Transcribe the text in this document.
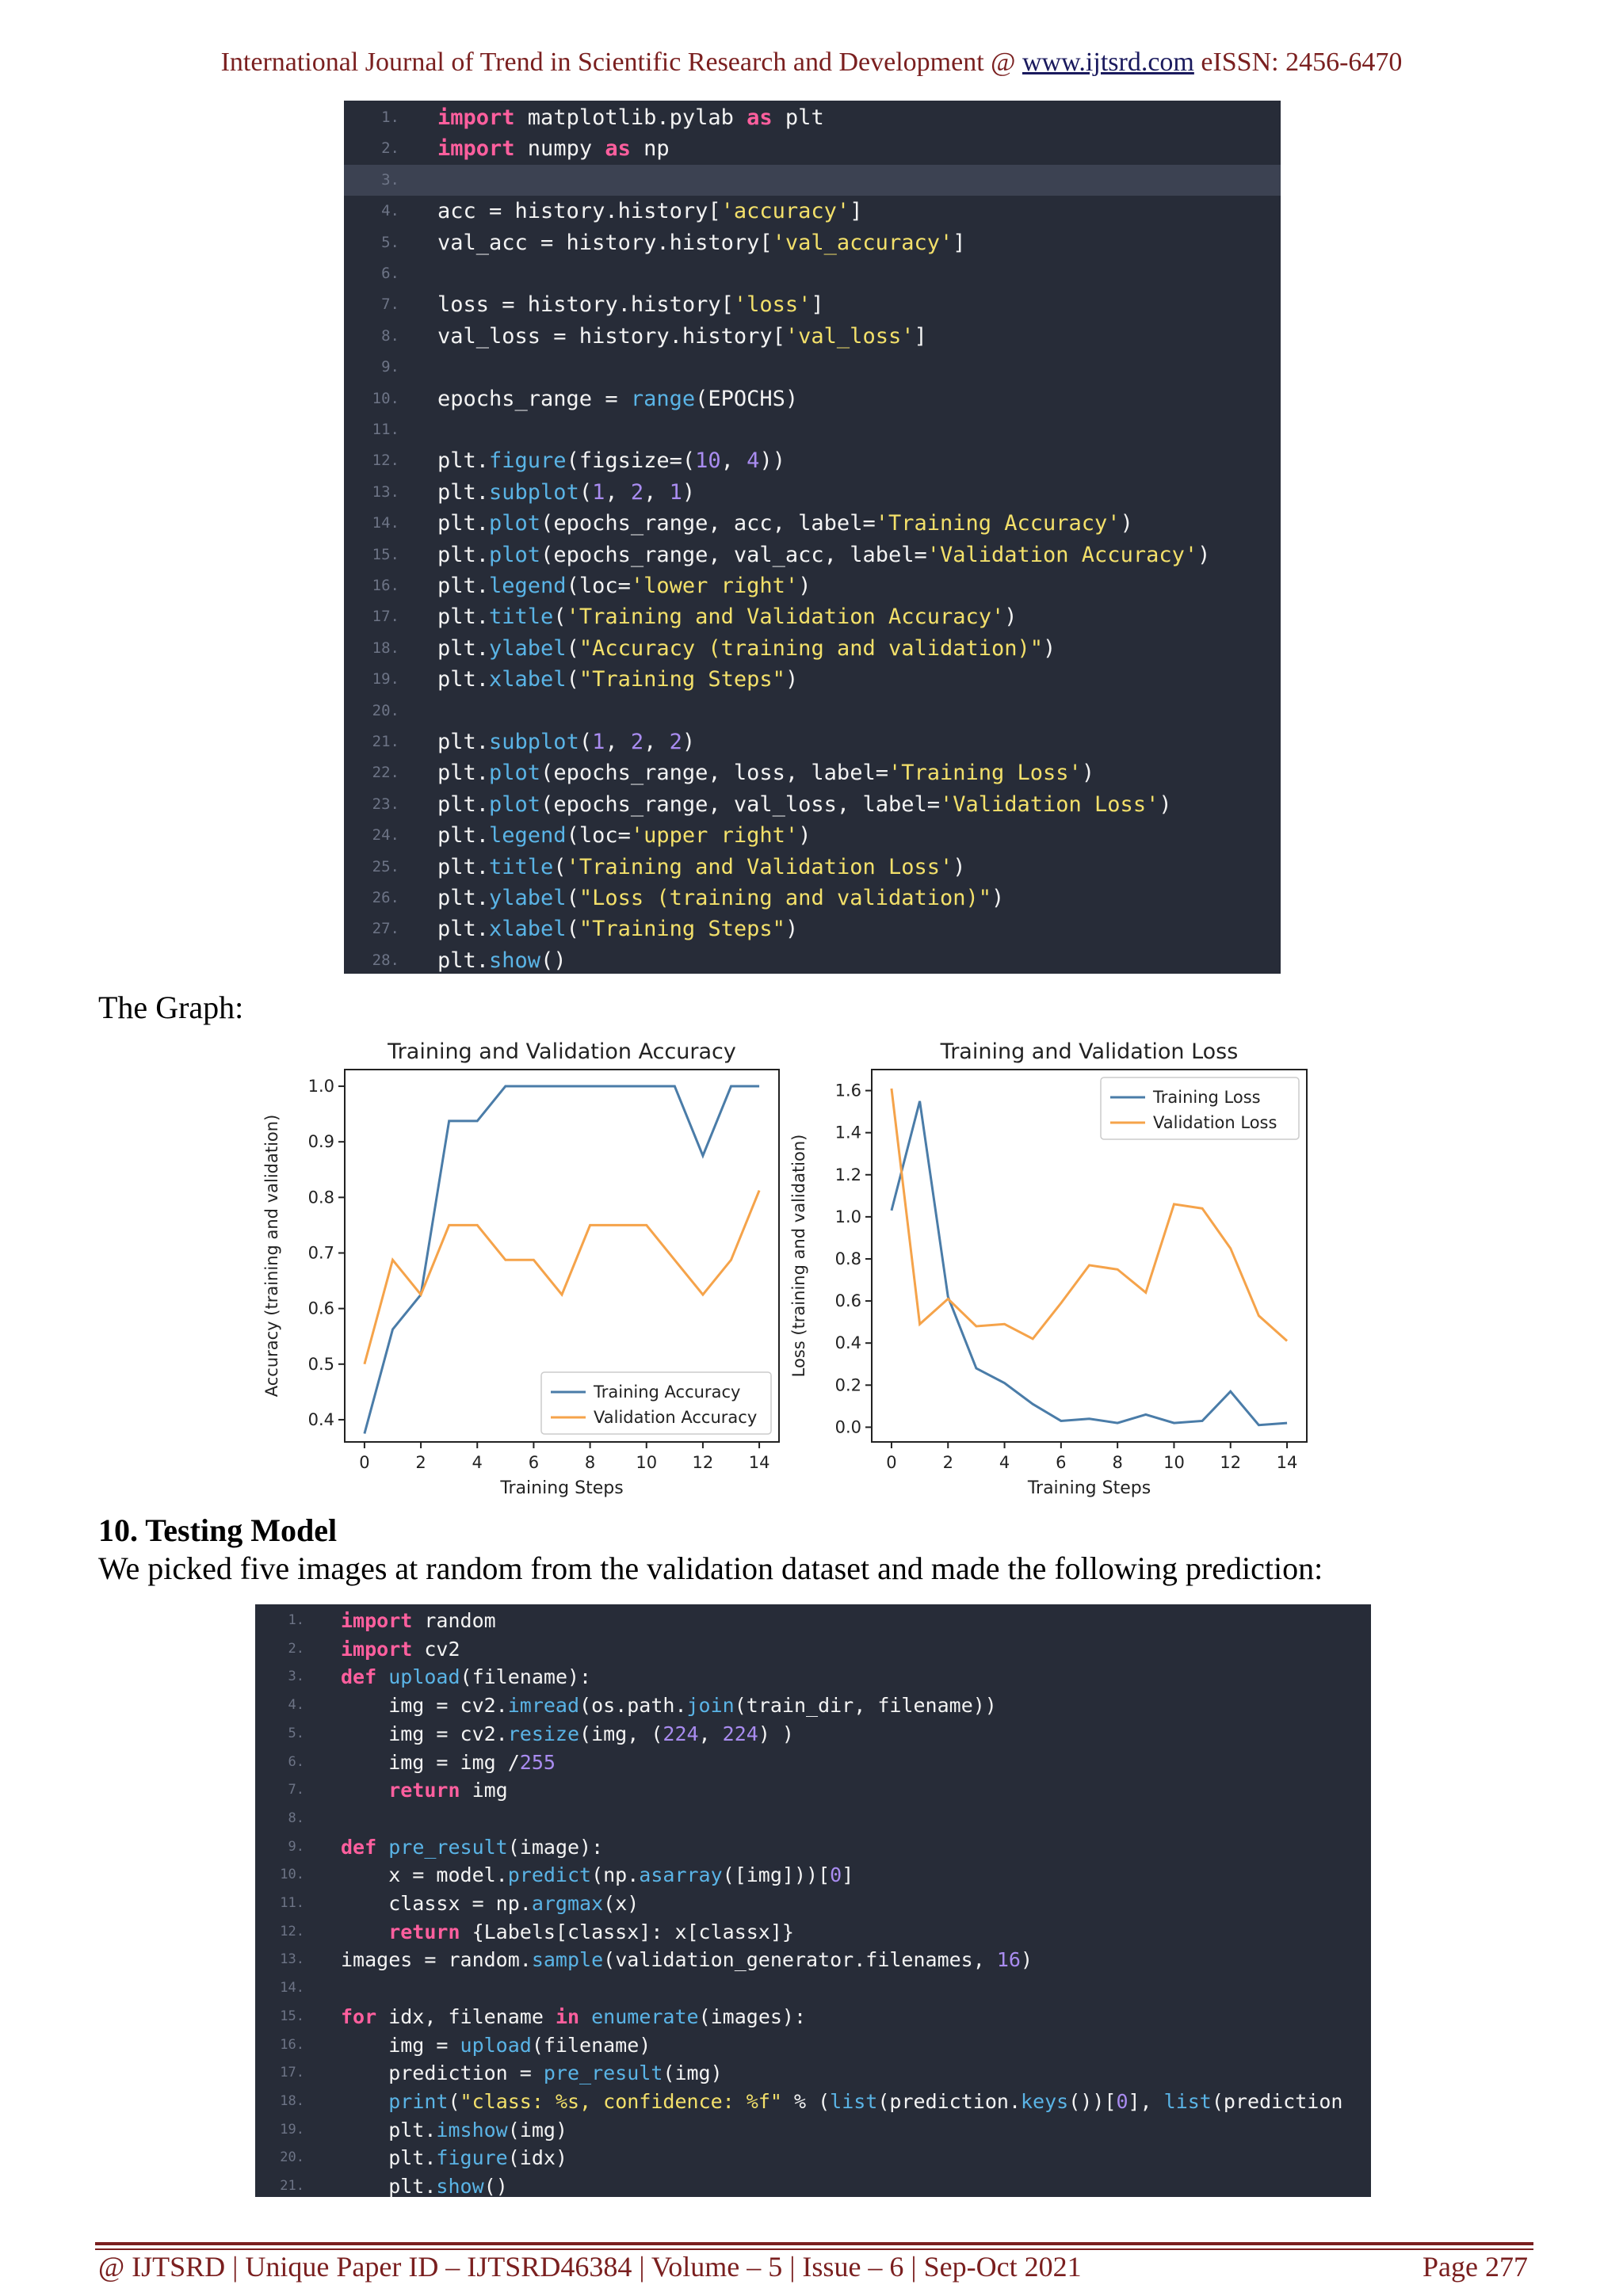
International Journal of Trend in Scientific Research and Development @ www.ijtsrd.com eISSN: 2456-6470
1. import matplotlib.pylab as plt
2. import numpy as np
3.
4. acc = history.history['accuracy']
5. val_acc = history.history['val_accuracy']
6.
7. loss = history.history['loss']
8. val_loss = history.history['val_loss']
9.
10. epochs_range = range(EPOCHS)
11.
12. plt.figure(figsize=(10, 4))
13. plt.subplot(1, 2, 1)
14. plt.plot(epochs_range, acc, label='Training Accuracy')
15. plt.plot(epochs_range, val_acc, label='Validation Accuracy')
16. plt.legend(loc='lower right')
17. plt.title('Training and Validation Accuracy')
18. plt.ylabel("Accuracy (training and validation)")
19. plt.xlabel("Training Steps")
20.
21. plt.subplot(1, 2, 2)
22. plt.plot(epochs_range, loss, label='Training Loss')
23. plt.plot(epochs_range, val_loss, label='Validation Loss')
24. plt.legend(loc='upper right')
25. plt.title('Training and Validation Loss')
26. plt.ylabel("Loss (training and validation)")
27. plt.xlabel("Training Steps")
28. plt.show()
The Graph:
Training and Validation Accuracy
0	2	4	6	8 10 12 14
0.4
0.5
0.6
0.7
0.8
0.9
1.0
Training Steps
Accuracy (training and validation)	Training Accuracy
Validation Accuracy
Training and Validation Loss
0	2	4	6	8 10 12 14
0.0
0.2
0.4
0.6
0.8
1.0
1.2
1.4
1.6
Training Steps
Loss (training and validation)
Training Loss
Validation Loss
10. Testing Model
We picked five images at random from the validation dataset and made the following prediction:
1. import random
2. import cv2
3. def upload(filename):
4. img = cv2.imread(os.path.join(train_dir, filename))
5. img = cv2.resize(img, (224, 224) )
6. img = img /255
7. return img
8.
9. def pre_result(image):
10. x = model.predict(np.asarray([img]))[0]
11. classx = np.argmax(x)
12. return {Labels[classx]: x[classx]}
13. images = random.sample(validation_generator.filenames, 16)
14.
15. for idx, filename in enumerate(images):
16. img = upload(filename)
17. prediction = pre_result(img)
18.	print("class: %s, confidence: %f" % (list(prediction.keys())[0], list(prediction
19. plt.imshow(img)
20. plt.figure(idx)
21. plt.show()
@ IJTSRD | Unique Paper ID – IJTSRD46384 | Volume – 5 | Issue – 6 | Sep-Oct 2021	Page 277
